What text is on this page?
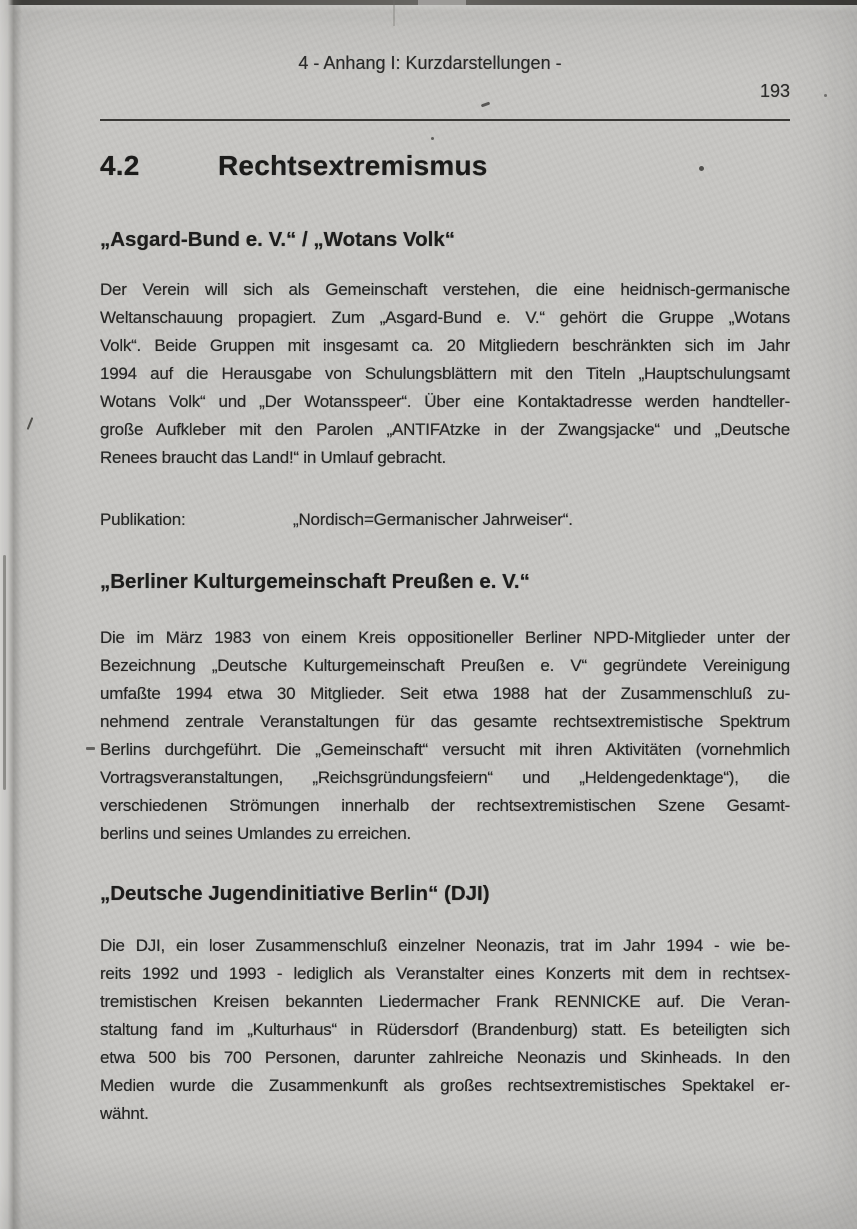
4 - Anhang I: Kurzdarstellungen -
193
4.2	Rechtsextremismus
„Asgard-Bund e. V.“ / „Wotans Volk“
Der Verein will sich als Gemeinschaft verstehen, die eine heidnisch-germanische
Weltanschauung propagiert. Zum „Asgard-Bund e. V.“ gehört die Gruppe „Wotans
Volk“. Beide Gruppen mit insgesamt ca. 20 Mitgliedern beschränkten sich im Jahr
1994 auf die Herausgabe von Schulungsblättern mit den Titeln „Hauptschulungsamt
Wotans Volk“ und „Der Wotansspeer“. Über eine Kontaktadresse werden handteller-
große Aufkleber mit den Parolen „ANTIFAtzke in der Zwangsjacke“ und „Deutsche
Renees braucht das Land!“ in Umlauf gebracht.
Publikation:	„Nordisch=Germanischer Jahrweiser“.
„Berliner Kulturgemeinschaft Preußen e. V.“
Die im März 1983 von einem Kreis oppositioneller Berliner NPD-Mitglieder unter der
Bezeichnung „Deutsche Kulturgemeinschaft Preußen e. V“ gegründete Vereinigung
umfaßte 1994 etwa 30 Mitglieder. Seit etwa 1988 hat der Zusammenschluß zu-
nehmend zentrale Veranstaltungen für das gesamte rechtsextremistische Spektrum
Berlins durchgeführt. Die „Gemeinschaft“ versucht mit ihren Aktivitäten (vornehmlich
Vortragsveranstaltungen, „Reichsgründungsfeiern“ und „Heldengedenktage“), die
verschiedenen Strömungen innerhalb der rechtsextremistischen Szene Gesamt-
berlins und seines Umlandes zu erreichen.
„Deutsche Jugendinitiative Berlin“ (DJI)
Die DJI, ein loser Zusammenschluß einzelner Neonazis, trat im Jahr 1994 - wie be-
reits 1992 und 1993 - lediglich als Veranstalter eines Konzerts mit dem in rechtsex-
tremistischen Kreisen bekannten Liedermacher Frank RENNICKE auf. Die Veran-
staltung fand im „Kulturhaus“ in Rüdersdorf (Brandenburg) statt. Es beteiligten sich
etwa 500 bis 700 Personen, darunter zahlreiche Neonazis und Skinheads. In den
Medien wurde die Zusammenkunft als großes rechtsextremistisches Spektakel er-
wähnt.
